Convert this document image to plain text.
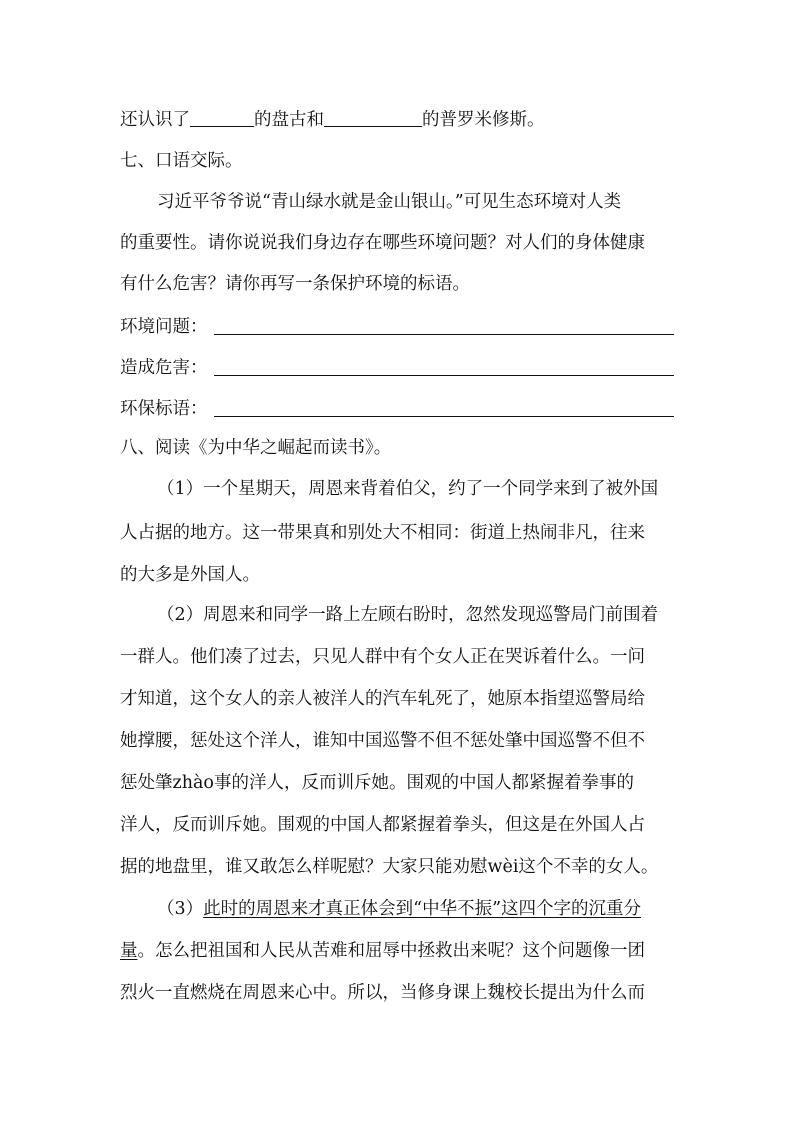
还认识了	的盘古和	的普罗米修斯。
七、口语交际。
习近平爷爷说“青山绿水就是金山银山。”可见生态环境对人类
的重要性。请你说说我们身边存在哪些环境问题？对人们的身体健康
有什么危害？请你再写一条保护环境的标语。
环境问题：
造成危害：
环保标语：
八、阅读《为中华之崛起而读书》。
（1）一个星期天，周恩来背着伯父，约了一个同学来到了被外国
人占据的地方。这一带果真和别处大不相同：街道上热闹非凡，往来
的大多是外国人。
（2）周恩来和同学一路上左顾右盼时，忽然发现巡警局门前围着
一群人。他们凑了过去，只见人群中有个女人正在哭诉着什么。一问
才知道，这个女人的亲人被洋人的汽车轧死了，她原本指望巡警局给
她撑腰，惩处这个洋人，谁知中国巡警不但不惩处肇中国巡警不但不
惩处肇zhào事的洋人，反而训斥她。围观的中国人都紧握着拳事的
洋人，反而训斥她。围观的中国人都紧握着拳头，但这是在外国人占
据的地盘里，谁又敢怎么样呢慰？大家只能劝慰wèi这个不幸的女人。
（3）此时的周恩来才真正体会到“中华不振”这四个字的沉重分
量。怎么把祖国和人民从苦难和屈辱中拯救出来呢？这个问题像一团
烈火一直燃烧在周恩来心中。所以，当修身课上魏校长提出为什么而
